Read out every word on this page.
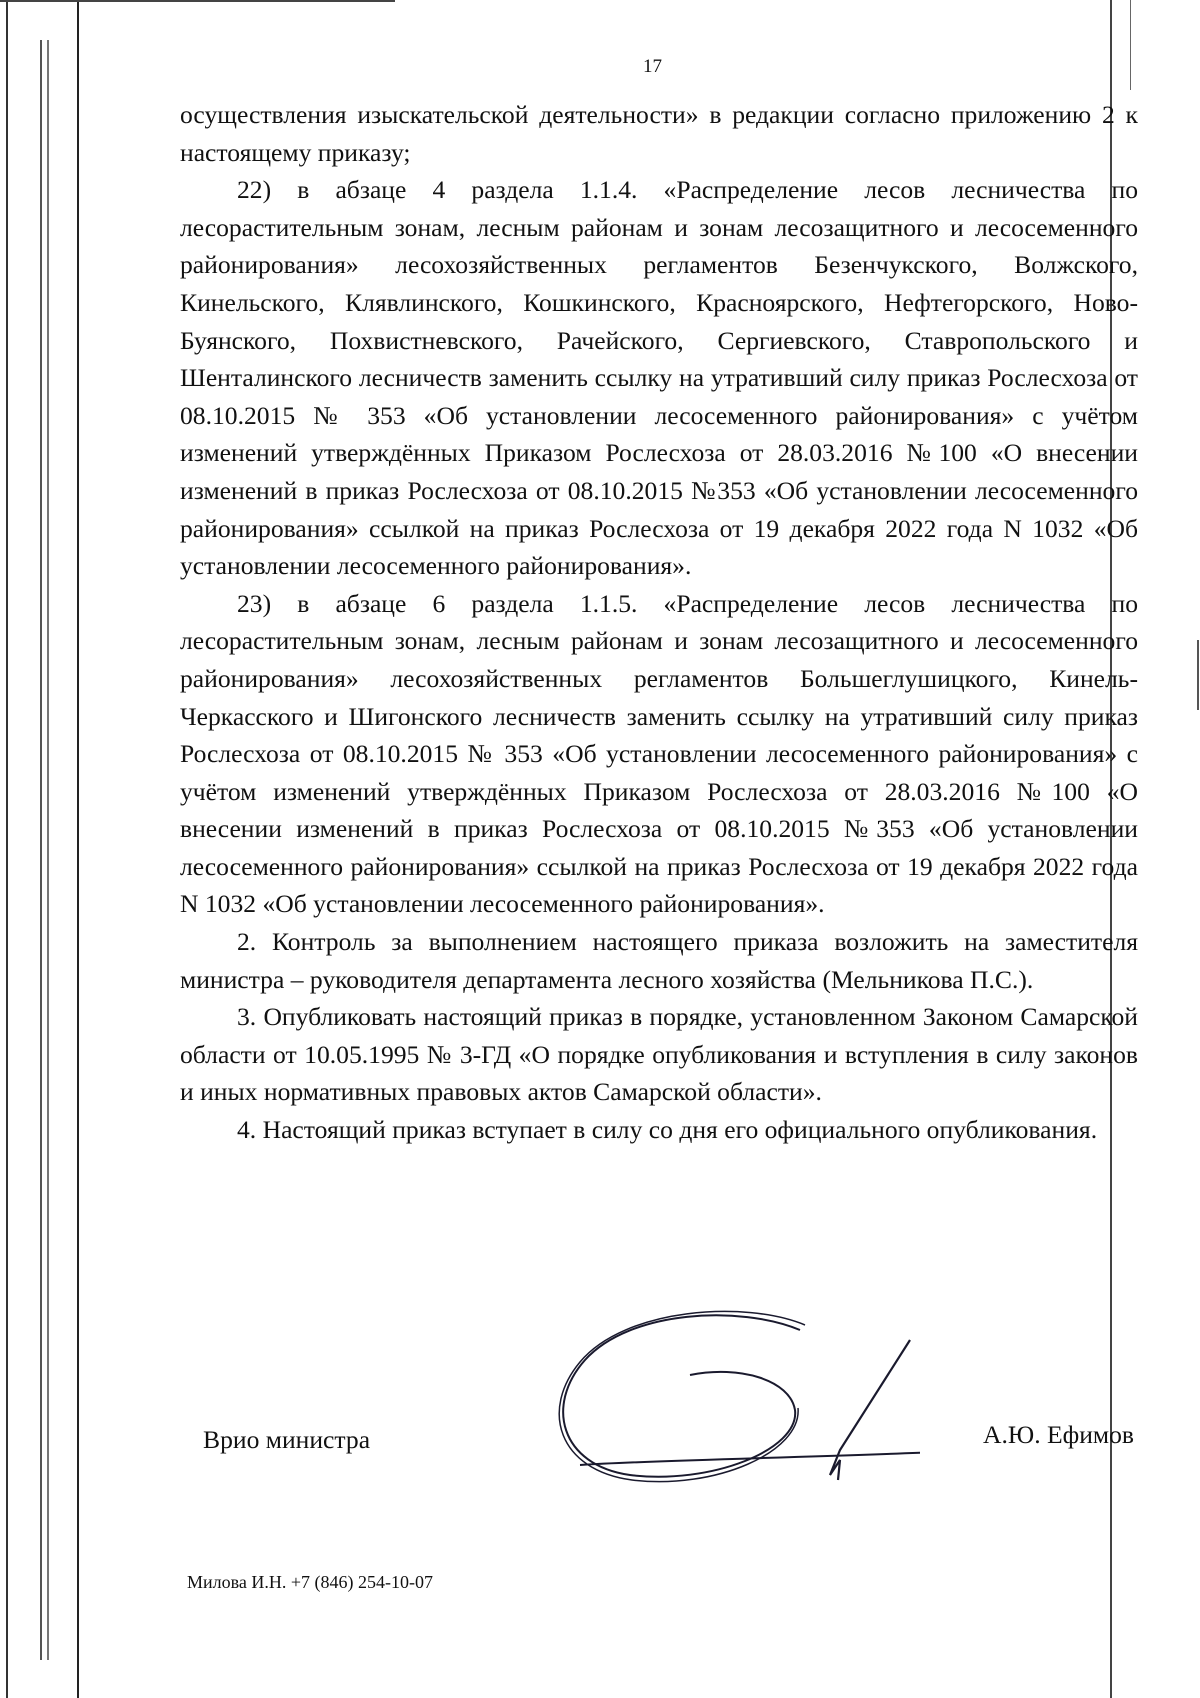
17

осуществления изыскательской деятельности» в редакции согласно приложению 2 к настоящему приказу;

22) в абзаце 4 раздела 1.1.4. «Распределение лесов лесничества по лесорастительным зонам, лесным районам и зонам лесозащитного и лесосеменного районирования» лесохозяйственных регламентов Безенчукского, Волжского, Кинельского, Клявлинского, Кошкинского, Красноярского, Нефтегорского, Ново-Буянского, Похвистневского, Рачейского, Сергиевского, Ставропольского и Шенталинского лесничеств заменить ссылку на утративший силу приказ Рослесхоза от 08.10.2015 № 353 «Об установлении лесосеменного районирования» с учётом изменений утверждённых Приказом Рослесхоза от 28.03.2016 №100 «О внесении изменений в приказ Рослесхоза от 08.10.2015 №353 «Об установлении лесосеменного районирования» ссылкой на приказ Рослесхоза от 19 декабря 2022 года N 1032 «Об установлении лесосеменного районирования».

23) в абзаце 6 раздела 1.1.5. «Распределение лесов лесничества по лесорастительным зонам, лесным районам и зонам лесозащитного и лесосеменного районирования» лесохозяйственных регламентов Большеглушицкого, Кинель-Черкасского и Шигонского лесничеств заменить ссылку на утративший силу приказ Рослесхоза от 08.10.2015 № 353 «Об установлении лесосеменного районирования» с учётом изменений утверждённых Приказом Рослесхоза от 28.03.2016 №100 «О внесении изменений в приказ Рослесхоза от 08.10.2015 №353 «Об установлении лесосеменного районирования» ссылкой на приказ Рослесхоза от 19 декабря 2022 года N 1032 «Об установлении лесосеменного районирования».

2. Контроль за выполнением настоящего приказа возложить на заместителя министра – руководителя департамента лесного хозяйства (Мельникова П.С.).

3. Опубликовать настоящий приказ в порядке, установленном Законом Самарской области от 10.05.1995 № 3-ГД «О порядке опубликования и вступления в силу законов и иных нормативных правовых актов Самарской области».

4. Настоящий приказ вступает в силу со дня его официального опубликования.

Врио министра	А.Ю. Ефимов
Милова И.Н. +7 (846) 254-10-07
